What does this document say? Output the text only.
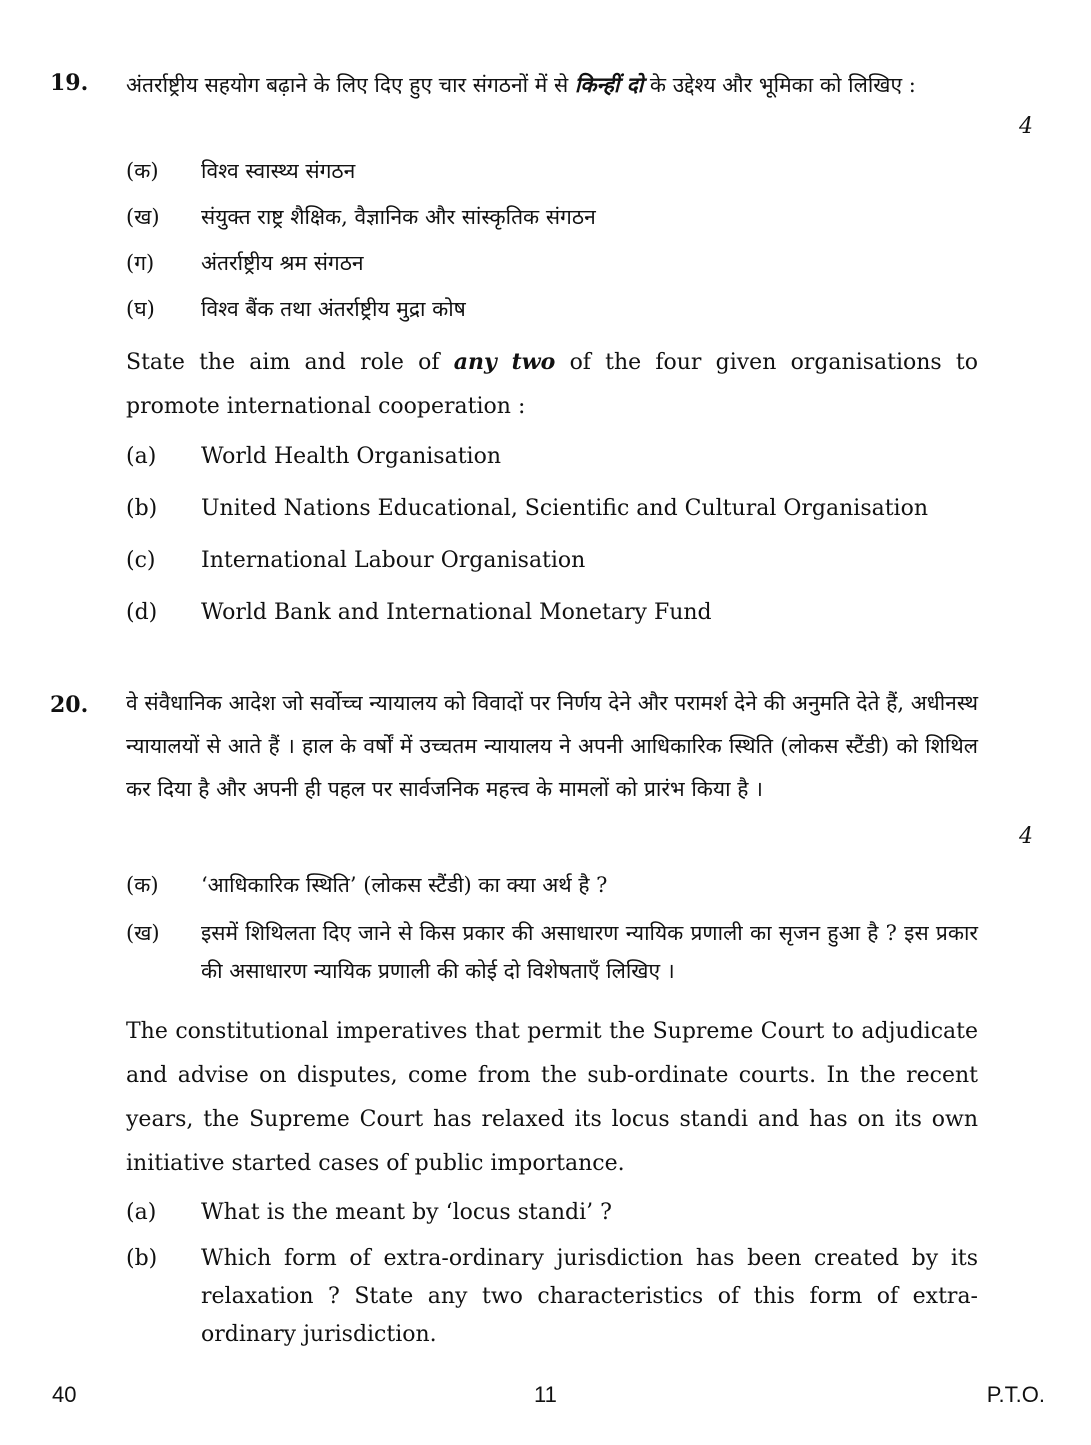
19. अंतर्राष्ट्रीय सहयोग बढ़ाने के लिए दिए हुए चार संगठनों में से किन्हीं दो के उद्देश्य और भूमिका को लिखिए :
4
(क)	विश्व स्वास्थ्य संगठन
(ख)	संयुक्त राष्ट्र शैक्षिक, वैज्ञानिक और सांस्कृतिक संगठन
(ग)	अंतर्राष्ट्रीय श्रम संगठन
(घ)	विश्व बैंक तथा अंतर्राष्ट्रीय मुद्रा कोष
State the aim and role of any two of the four given organisations to promote international cooperation :
(a)	World Health Organisation
(b)	United Nations Educational, Scientific and Cultural Organisation
(c)	International Labour Organisation
(d)	World Bank and International Monetary Fund
20. वे संवैधानिक आदेश जो सर्वोच्च न्यायालय को विवादों पर निर्णय देने और परामर्श देने की अनुमति देते हैं, अधीनस्थ न्यायालयों से आते हैं । हाल के वर्षों में उच्चतम न्यायालय ने अपनी आधिकारिक स्थिति (लोकस स्टैंडी) को शिथिल कर दिया है और अपनी ही पहल पर सार्वजनिक महत्त्व के मामलों को प्रारंभ किया है ।
4
(क)	‘आधिकारिक स्थिति’ (लोकस स्टैंडी) का क्या अर्थ है ?
(ख)	इसमें शिथिलता दिए जाने से किस प्रकार की असाधारण न्यायिक प्रणाली का सृजन हुआ है ? इस प्रकार की असाधारण न्यायिक प्रणाली की कोई दो विशेषताएँ लिखिए ।
The constitutional imperatives that permit the Supreme Court to adjudicate and advise on disputes, come from the sub-ordinate courts. In the recent years, the Supreme Court has relaxed its locus standi and has on its own initiative started cases of public importance.
(a)	What is the meant by ‘locus standi’ ?
(b)	Which form of extra-ordinary jurisdiction has been created by its relaxation ? State any two characteristics of this form of extra-ordinary jurisdiction.
40	11	P.T.O.
